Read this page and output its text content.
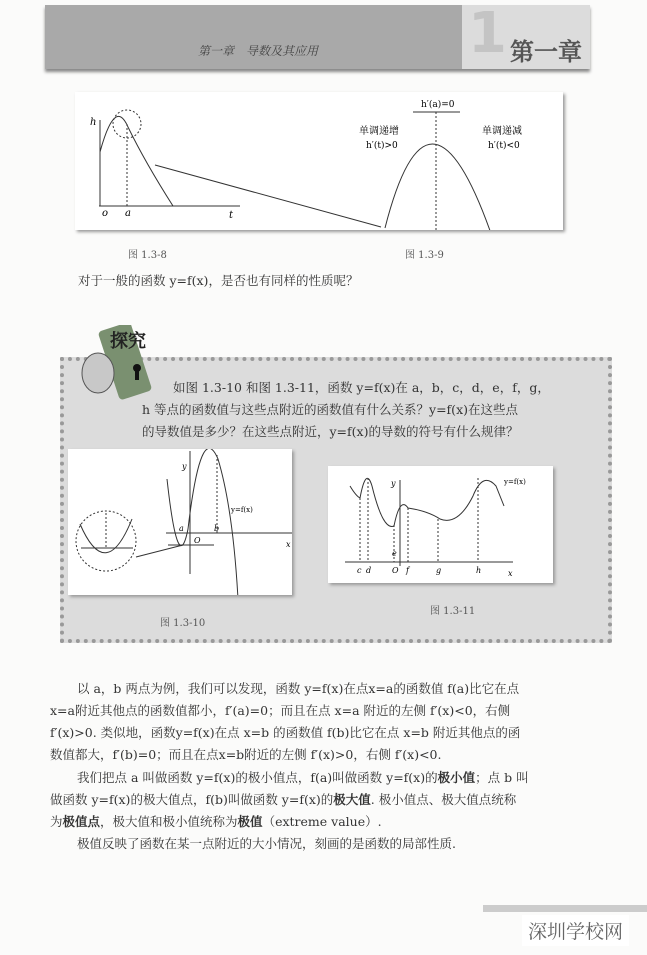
1
第一章　导数及其应用	第一章
h
o a	t
h′(a)=0
单调递增
h′(t)>0
单调递减
h′(t)<0
图 1.3-8	图 1.3-9
对于一般的函数 y=f(x)，是否也有同样的性质呢？
探究
如图 1.3-10 和图 1.3-11，函数 y=f(x)在 a，b，c，d，e，f，g，
h 等点的函数值与这些点附近的函数值有什么关系？y=f(x)在这些点
的导数值是多少？在这些点附近，y=f(x)的导数的符号有什么规律？
y
x
O
a	b
y=f(x)
图 1.3-10
y
x
O
c d
e
f	g	h
y=f(x)
图 1.3-11
以 a，b 两点为例，我们可以发现，函数 y=f(x)在点x=a的函数值 f(a)比它在点
x=a附近其他点的函数值都小，f′(a)=0；而且在点 x=a 附近的左侧 f′(x)<0，右侧
f′(x)>0. 类似地，函数y=f(x)在点 x=b 的函数值 f(b)比它在点 x=b 附近其他点的函
数值都大，f′(b)=0；而且在点x=b附近的左侧 f′(x)>0，右侧 f′(x)<0.
我们把点 a 叫做函数 y=f(x)的极小值点，f(a)叫做函数 y=f(x)的极小值；点 b 叫
做函数 y=f(x)的极大值点，f(b)叫做函数 y=f(x)的极大值. 极小值点、极大值点统称
为极值点，极大值和极小值统称为极值（extreme value）.
极值反映了函数在某一点附近的大小情况，刻画的是函数的局部性质.
深圳学校网
